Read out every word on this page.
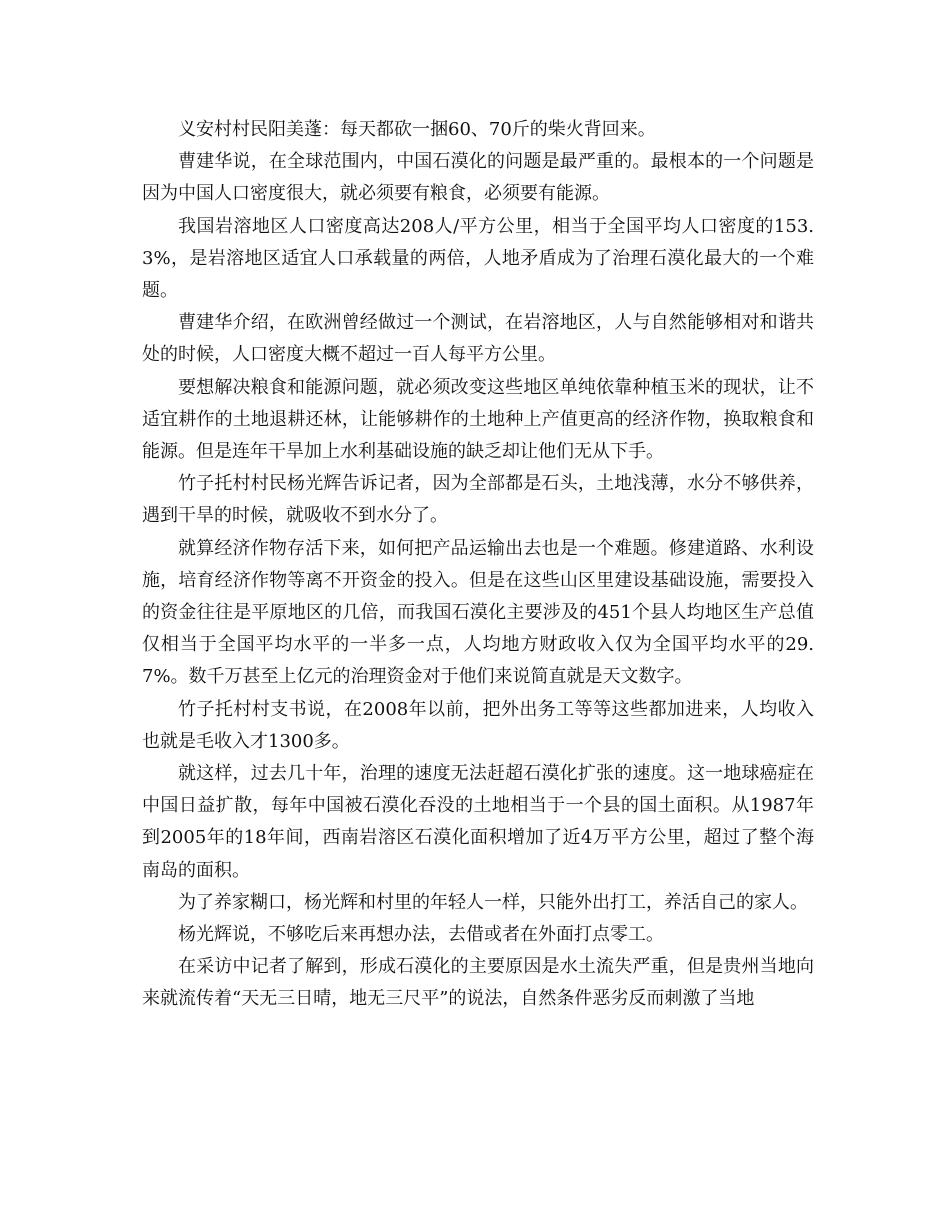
义安村村民阳美蓬：每天都砍一捆60、70斤的柴火背回来。

曹建华说，在全球范围内，中国石漠化的问题是最严重的。最根本的一个问题是因为中国人口密度很大，就必须要有粮食，必须要有能源。

我国岩溶地区人口密度高达208人/平方公里，相当于全国平均人口密度的153.3%，是岩溶地区适宜人口承载量的两倍，人地矛盾成为了治理石漠化最大的一个难题。

曹建华介绍，在欧洲曾经做过一个测试，在岩溶地区，人与自然能够相对和谐共处的时候，人口密度大概不超过一百人每平方公里。

要想解决粮食和能源问题，就必须改变这些地区单纯依靠种植玉米的现状，让不适宜耕作的土地退耕还林，让能够耕作的土地种上产值更高的经济作物，换取粮食和能源。但是连年干旱加上水利基础设施的缺乏却让他们无从下手。

竹子托村村民杨光辉告诉记者，因为全部都是石头，土地浅薄，水分不够供养，遇到干旱的时候，就吸收不到水分了。

就算经济作物存活下来，如何把产品运输出去也是一个难题。修建道路、水利设施，培育经济作物等离不开资金的投入。但是在这些山区里建设基础设施，需要投入的资金往往是平原地区的几倍，而我国石漠化主要涉及的451个县人均地区生产总值仅相当于全国平均水平的一半多一点，人均地方财政收入仅为全国平均水平的29.7%。数千万甚至上亿元的治理资金对于他们来说简直就是天文数字。

竹子托村村支书说，在2008年以前，把外出务工等等这些都加进来，人均收入也就是毛收入才1300多。

就这样，过去几十年，治理的速度无法赶超石漠化扩张的速度。这一地球癌症在中国日益扩散，每年中国被石漠化吞没的土地相当于一个县的国土面积。从1987年到2005年的18年间，西南岩溶区石漠化面积增加了近4万平方公里，超过了整个海南岛的面积。

为了养家糊口，杨光辉和村里的年轻人一样，只能外出打工，养活自己的家人。

杨光辉说，不够吃后来再想办法，去借或者在外面打点零工。

在采访中记者了解到，形成石漠化的主要原因是水土流失严重，但是贵州当地向来就流传着“天无三日晴，地无三尺平”的说法，自然条件恶劣反而刺激了当地
